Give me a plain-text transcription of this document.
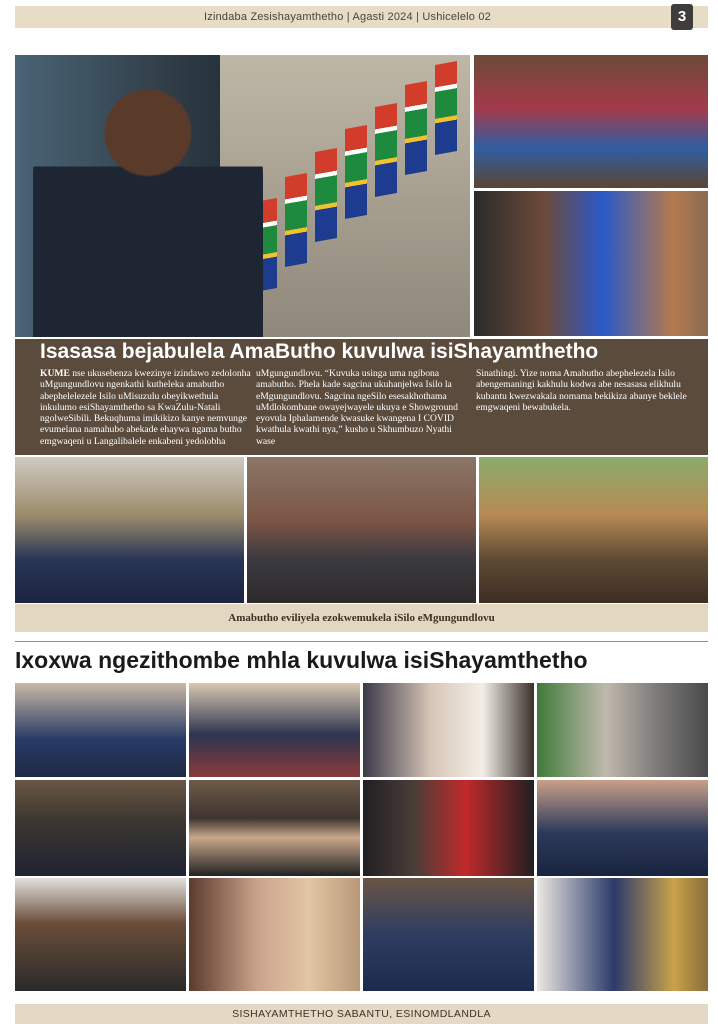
Izindaba Zesishayamthetho | Agasti 2024 | Ushicelelo 02	3
Isasasa bejabulela AmaButho kuvulwa isiShayamthetho
KUME nse ukusebenza kwezinye izindawo zedolonha uMgungundlovu ngenkathi kutheleka amabutho abephelelezele Isilo uMisuzulu obeyikwethula inkulumo esiShayamthetho sa KwaZulu-Natali ngolweSibili. Bekuqhuma imikikizo kanye nemvunge evumelana namahubo abekade ehaywa ngama butho emgwaqeni u Langalibalele enkabeni yedolobha
uMgungundlovu. “Kuvuka usinga uma ngibona amabutho. Phela kade sagcina ukuhanjelwa Isilo la eMgungundlovu. Sagcina ngeSilo esesakhothama uMdlokombane owayejwayele ukuya e Showground eyovula Iphalamende kwasuke kwangena I COVID kwathula kwathi nya,” kusho u Skhumbuzo Nyathi wase
Sinathingi. Yize noma Amabutho abephelezela Isilo abengemaningi kakhulu kodwa abe nesasasa elikhulu kubantu kwezwakala nomama bekikiza abanye beklele emgwaqeni bewabukela.
Amabutho eviliyela ezokwemukela iSilo eMgungundlovu
Ixoxwa ngezithombe mhla kuvulwa isiShayamthetho
SISHAYAMTHETHO SABANTU, ESINOMDLANDLA
